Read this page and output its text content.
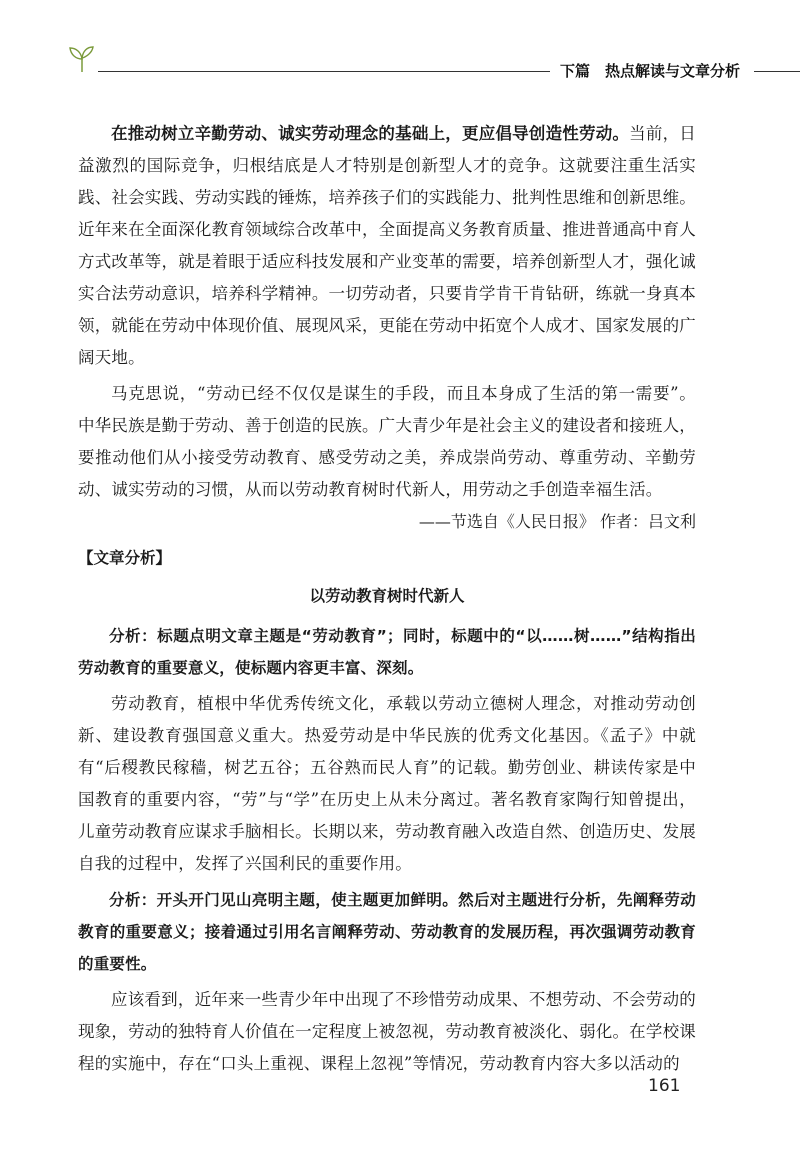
下篇　热点解读与文章分析

在推动树立辛勤劳动、诚实劳动理念的基础上，更应倡导创造性劳动。当前，日益激烈的国际竞争，归根结底是人才特别是创新型人才的竞争。这就要注重生活实践、社会实践、劳动实践的锤炼，培养孩子们的实践能力、批判性思维和创新思维。近年来在全面深化教育领域综合改革中，全面提高义务教育质量、推进普通高中育人方式改革等，就是着眼于适应科技发展和产业变革的需要，培养创新型人才，强化诚实合法劳动意识，培养科学精神。一切劳动者，只要肯学肯干肯钻研，练就一身真本领，就能在劳动中体现价值、展现风采，更能在劳动中拓宽个人成才、国家发展的广阔天地。

马克思说，“劳动已经不仅仅是谋生的手段，而且本身成了生活的第一需要”。中华民族是勤于劳动、善于创造的民族。广大青少年是社会主义的建设者和接班人，要推动他们从小接受劳动教育、感受劳动之美，养成崇尚劳动、尊重劳动、辛勤劳动、诚实劳动的习惯，从而以劳动教育树时代新人，用劳动之手创造幸福生活。

——节选自《人民日报》 作者：吕文利
【文章分析】
以劳动教育树时代新人

分析：标题点明文章主题是“劳动教育”；同时，标题中的“以……树……”结构指出劳动教育的重要意义，使标题内容更丰富、深刻。

劳动教育，植根中华优秀传统文化，承载以劳动立德树人理念，对推动劳动创新、建设教育强国意义重大。热爱劳动是中华民族的优秀文化基因。《孟子》中就有“后稷教民稼穑，树艺五谷；五谷熟而民人育”的记载。勤劳创业、耕读传家是中国教育的重要内容，“劳”与“学”在历史上从未分离过。著名教育家陶行知曾提出，儿童劳动教育应谋求手脑相长。长期以来，劳动教育融入改造自然、创造历史、发展自我的过程中，发挥了兴国利民的重要作用。

分析：开头开门见山亮明主题，使主题更加鲜明。然后对主题进行分析，先阐释劳动教育的重要意义；接着通过引用名言阐释劳动、劳动教育的发展历程，再次强调劳动教育的重要性。

应该看到，近年来一些青少年中出现了不珍惜劳动成果、不想劳动、不会劳动的现象，劳动的独特育人价值在一定程度上被忽视，劳动教育被淡化、弱化。在学校课程的实施中，存在“口头上重视、课程上忽视”等情况，劳动教育内容大多以活动的

161
